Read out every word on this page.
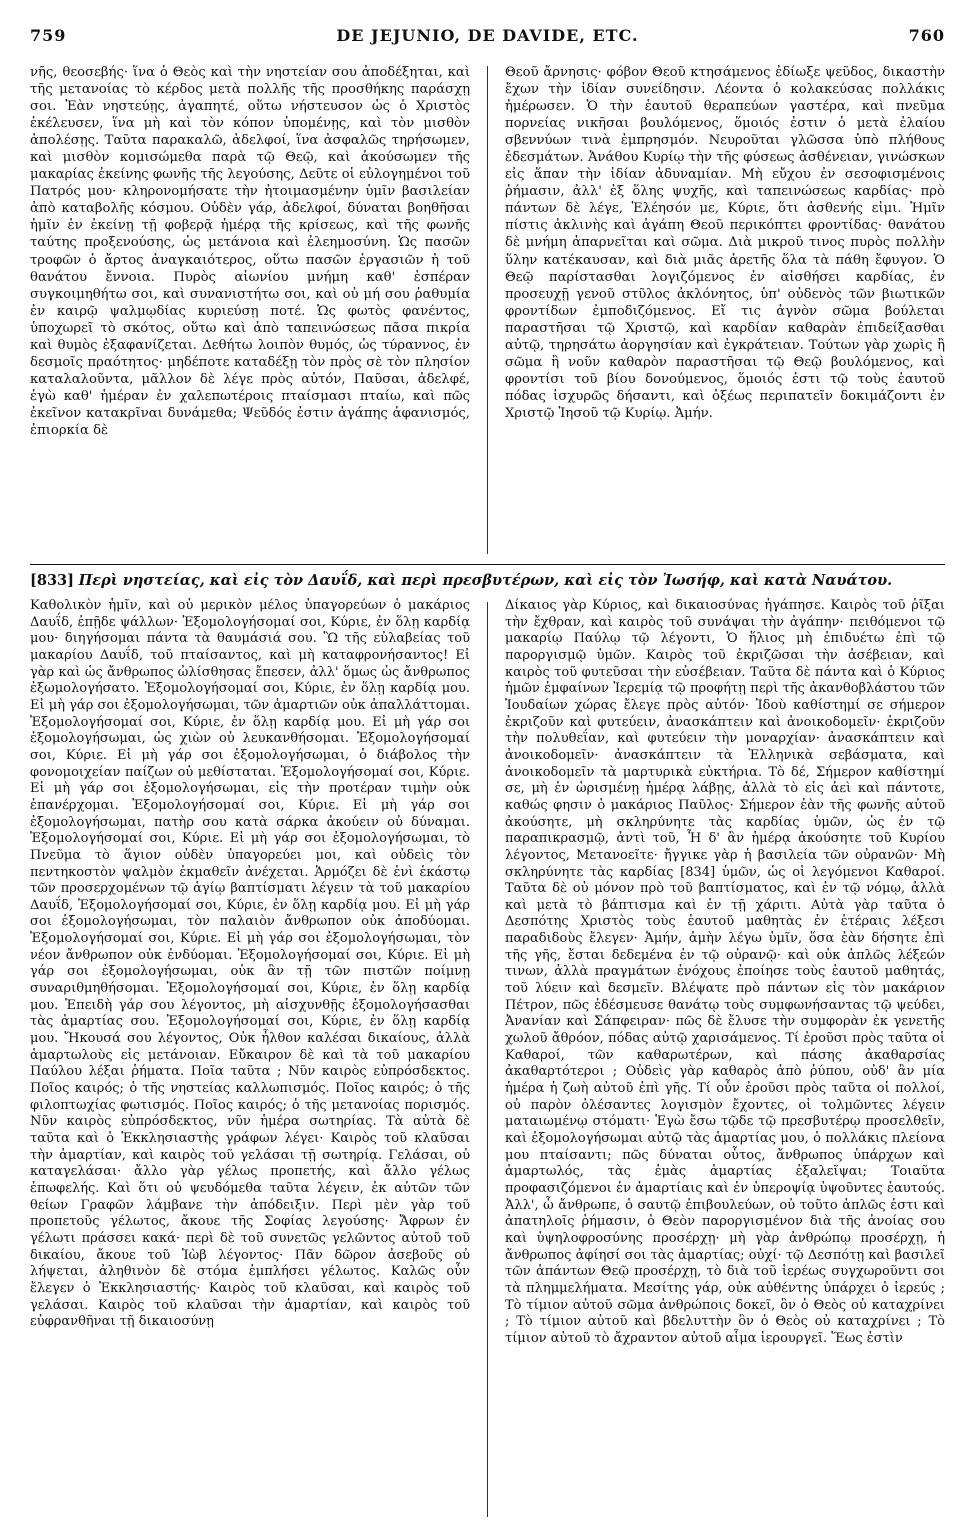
759	DE JEJUNIO, DE DAVIDE, ETC.	760

νῆς, θεοσεβής· ἵνα ὁ Θεὸς καὶ τὴν νηστείαν σου ἀποδέξηται, καὶ τῆς μετανοίας τὸ κέρδος μετὰ πολλῆς τῆς προσθήκης παράσχῃ σοι. Ἐὰν νηστεύῃς, ἀγαπητέ, οὕτω νήστευσον ὡς ὁ Χριστὸς ἐκέλευσεν, ἵνα μὴ καὶ τὸν κόπον ὑπομένῃς, καὶ τὸν μισθὸν ἀπολέσῃς. Ταῦτα παρακαλῶ, ἀδελφοί, ἵνα ἀσφαλῶς τηρήσωμεν, καὶ μισθὸν κομισώμεθα παρὰ τῷ Θεῷ, καὶ ἀκούσωμεν τῆς μακαρίας ἐκείνης φωνῆς τῆς λεγούσης, Δεῦτε οἱ εὐλογημένοι τοῦ Πατρός μου· κληρονομήσατε τὴν ἡτοιμασμένην ὑμῖν βασιλείαν ἀπὸ καταβολῆς κόσμου. Οὐδὲν γάρ, ἀδελφοί, δύναται βοηθῆσαι ἡμῖν ἐν ἐκείνῃ τῇ φοβερᾷ ἡμέρᾳ τῆς κρίσεως, καὶ τῆς φωνῆς ταύτης προξενούσης, ὡς μετάνοια καὶ ἐλεημοσύνη. Ὡς πασῶν τροφῶν ὁ ἄρτος ἀναγκαιότερος, οὕτω πασῶν ἐργασιῶν ἡ τοῦ θανάτου ἔννοια. Πυρὸς αἰωνίου μνήμη καθ' ἑσπέραν συγκοιμηθήτω σοι, καὶ συνανιστήτω σοι, καὶ οὐ μή σου ῥαθυμία ἐν καιρῷ ψαλμῳδίας κυριεύσῃ ποτέ. Ὡς φωτὸς φανέντος, ὑποχωρεῖ τὸ σκότος, οὕτω καὶ ἀπὸ ταπεινώσεως πᾶσα πικρία καὶ θυμὸς ἐξαφανίζεται. Δεθήτω λοιπὸν θυμός, ὡς τύραννος, ἐν δεσμοῖς πραότητος· μηδέποτε καταδέξῃ τὸν πρὸς σὲ τὸν πλησίον καταλαλοῦντα, μᾶλλον δὲ λέγε πρὸς αὐτόν, Παῦσαι, ἀδελφέ, ἐγὼ καθ' ἡμέραν ἐν χαλεπωτέροις πταίσμασι πταίω, καὶ πῶς ἐκεῖνον κατακρῖναι δυνάμεθα; Ψεῦδός ἐστιν ἀγάπης ἀφανισμός, ἐπιορκία δὲ

Θεοῦ ἄρνησις· φόβον Θεοῦ κτησάμενος ἐδίωξε ψεῦδος, δικαστὴν ἔχων τὴν ἰδίαν συνείδησιν. Λέοντα ὁ κολακεύσας πολλάκις ἡμέρωσεν. Ὁ τὴν ἑαυτοῦ θεραπεύων γαστέρα, καὶ πνεῦμα πορνείας νικῆσαι βουλόμενος, ὅμοιός ἐστιν ὁ μετὰ ἐλαίου σβεννύων τινὰ ἐμπρησμόν. Νευροῦται γλῶσσα ὑπὸ πλήθους ἐδεσμάτων. Ἀνάθου Κυρίῳ τὴν τῆς φύσεως ἀσθένειαν, γινώσκων εἰς ἅπαν τὴν ἰδίαν ἀδυναμίαν. Μὴ εὔχου ἐν σεσοφισμένοις ῥήμασιν, ἀλλ' ἐξ ὅλης ψυχῆς, καὶ ταπεινώσεως καρδίας· πρὸ πάντων δὲ λέγε, Ἐλέησόν με, Κύριε, ὅτι ἀσθενής εἰμι. Ἡμῖν πίστις ἀκλινὴς καὶ ἀγάπη Θεοῦ περικόπτει φροντίδας· θανάτου δὲ μνήμη ἀπαρνεῖται καὶ σῶμα. Διὰ μικροῦ τινος πυρὸς πολλὴν ὕλην κατέκαυσαν, καὶ διὰ μιᾶς ἀρετῆς ὅλα τὰ πάθη ἔφυγον. Ὁ Θεῷ παρίστασθαι λογιζόμενος ἐν αἰσθήσει καρδίας, ἐν προσευχῇ γενοῦ στῦλος ἀκλόνητος, ὑπ' οὐδενὸς τῶν βιωτικῶν φροντίδων ἐμποδιζόμενος. Εἴ τις ἁγνὸν σῶμα βούλεται παραστῆσαι τῷ Χριστῷ, καὶ καρδίαν καθαρὰν ἐπιδείξασθαι αὐτῷ, τηρησάτω ἀοργησίαν καὶ ἐγκράτειαν. Τούτων γὰρ χωρὶς ἢ σῶμα ἢ νοῦν καθαρὸν παραστῆσαι τῷ Θεῷ βουλόμενος, καὶ φροντίσι τοῦ βίου δονούμενος, ὅμοιός ἐστι τῷ τοὺς ἑαυτοῦ πόδας ἰσχυρῶς δήσαντι, καὶ ὀξέως περιπατεῖν δοκιμάζοντι ἐν Χριστῷ Ἰησοῦ τῷ Κυρίῳ. Ἀμήν.

[833] Περὶ νηστείας, καὶ εἰς τὸν Δαυΐδ, καὶ περὶ πρεσβυτέρων, καὶ εἰς τὸν Ἰωσήφ, καὶ κατὰ Ναυάτου.

Καθολικὸν ἡμῖν, καὶ οὐ μερικὸν μέλος ὑπαγορεύων ὁ μακάριος Δαυΐδ, ἐπῇδε ψάλλων· Ἐξομολογήσομαί σοι, Κύριε, ἐν ὅλῃ καρδίᾳ μου· διηγήσομαι πάντα τὰ θαυμάσιά σου. Ὢ τῆς εὐλαβείας τοῦ μακαρίου Δαυΐδ, τοῦ πταίσαντος, καὶ μὴ καταφρονήσαντος! Εἰ γὰρ καὶ ὡς ἄνθρωπος ὠλίσθησας ἔπεσεν, ἀλλ' ὅμως ὡς ἄνθρωπος ἐξωμολογήσατο. Ἐξομολογήσομαί σοι, Κύριε, ἐν ὅλῃ καρδίᾳ μου. Εἰ μὴ γάρ σοι ἐξομολογήσωμαι, τῶν ἁμαρτιῶν οὐκ ἀπαλλάττομαι. Ἐξομολογήσομαί σοι, Κύριε, ἐν ὅλῃ καρδίᾳ μου. Εἰ μὴ γάρ σοι ἐξομολογήσωμαι, ὡς χιὼν οὐ λευκανθήσομαι. Ἐξομολογήσομαί σοι, Κύριε. Εἰ μὴ γάρ σοι ἐξομολογήσωμαι, ὁ διάβολος τὴν φονομοιχείαν παίζων οὐ μεθίσταται. Ἐξομολογήσομαί σοι, Κύριε. Εἰ μὴ γάρ σοι ἐξομολογήσωμαι, εἰς τὴν προτέραν τιμὴν οὐκ ἐπανέρχομαι. Ἐξομολογήσομαί σοι, Κύριε. Εἰ μὴ γάρ σοι ἐξομολογήσωμαι, πατὴρ σου κατὰ σάρκα ἀκούειν οὐ δύναμαι. Ἐξομολογήσομαί σοι, Κύριε. Εἰ μὴ γάρ σοι ἐξομολογήσωμαι, τὸ Πνεῦμα τὸ ἅγιον οὐδὲν ὑπαγορεύει μοι, καὶ οὐδεὶς τὸν πεντηκοστὸν ψαλμὸν ἐκμαθεῖν ἀνέχεται. Ἁρμόζει δὲ ἑνὶ ἑκάστῳ τῶν προσερχομένων τῷ ἁγίῳ βαπτίσματι λέγειν τὰ τοῦ μακαρίου Δαυΐδ, Ἐξομολογήσομαί σοι, Κύριε, ἐν ὅλῃ καρδίᾳ μου. Εἰ μὴ γάρ σοι ἐξομολογήσωμαι, τὸν παλαιὸν ἄνθρωπον οὐκ ἀποδύομαι. Ἐξομολογήσομαί σοι, Κύριε. Εἰ μὴ γάρ σοι ἐξομολογήσωμαι, τὸν νέον ἄνθρωπον οὐκ ἐνδύομαι. Ἐξομολογήσομαί σοι, Κύριε. Εἰ μὴ γάρ σοι ἐξομολογήσωμαι, οὐκ ἂν τῇ τῶν πιστῶν ποίμνῃ συναριθμηθήσομαι. Ἐξομολογήσομαί σοι, Κύριε, ἐν ὅλῃ καρδίᾳ μου. Ἐπειδὴ γάρ σου λέγοντος, μὴ αἰσχυνθῇς ἐξομολογήσασθαι τὰς ἁμαρτίας σου. Ἐξομολογήσομαί σοι, Κύριε, ἐν ὅλῃ καρδίᾳ μου. Ἤκουσά σου λέγοντος, Οὐκ ἦλθον καλέσαι δικαίους, ἀλλὰ ἁμαρτωλοὺς εἰς μετάνοιαν. Εὔκαιρον δὲ καὶ τὰ τοῦ μακαρίου Παύλου λέξαι ῥήματα. Ποῖα ταῦτα ; Νῦν καιρὸς εὐπρόσδεκτος. Ποῖος καιρός; ὁ τῆς νηστείας καλλωπισμός. Ποῖος καιρός; ὁ τῆς φιλοπτωχίας φωτισμός. Ποῖος καιρός; ὁ τῆς μετανοίας πορισμός. Νῦν καιρὸς εὐπρόσδεκτος, νῦν ἡμέρα σωτηρίας. Τὰ αὐτὰ δὲ ταῦτα καὶ ὁ Ἐκκλησιαστὴς γράφων λέγει· Καιρὸς τοῦ κλαῦσαι τὴν ἁμαρτίαν, καὶ καιρὸς τοῦ γελάσαι τῇ σωτηρίᾳ. Γελάσαι, οὐ καταγελάσαι· ἄλλο γὰρ γέλως προπετής, καὶ ἄλλο γέλως ἐπωφελής. Καὶ ὅτι οὐ ψευδόμεθα ταῦτα λέγειν, ἐκ αὐτῶν τῶν θείων Γραφῶν λάμβανε τὴν ἀπόδειξιν. Περὶ μὲν γὰρ τοῦ προπετοῦς γέλωτος, ἄκουε τῆς Σοφίας λεγούσης· Ἄφρων ἐν γέλωτι πράσσει κακά· περὶ δὲ τοῦ συνετῶς γελῶντος αὐτοῦ τοῦ δικαίου, ἄκουε τοῦ Ἰὼβ λέγοντος· Πᾶν δῶρον ἀσεβοῦς οὐ λήψεται, ἀληθινὸν δὲ στόμα ἐμπλήσει γέλωτος. Καλῶς οὖν ἔλεγεν ὁ Ἐκκλησιαστής· Καιρὸς τοῦ κλαῦσαι, καὶ καιρὸς τοῦ γελάσαι. Καιρὸς τοῦ κλαῦσαι τὴν ἁμαρτίαν, καὶ καιρὸς τοῦ εὐφρανθῆναι τῇ δικαιοσύνῃ

Δίκαιος γὰρ Κύριος, καὶ δικαιοσύνας ἠγάπησε. Καιρὸς τοῦ ῥῖξαι τὴν ἔχθραν, καὶ καιρὸς τοῦ συνάψαι τὴν ἀγάπην· πειθόμενοι τῷ μακαρίῳ Παύλῳ τῷ λέγοντι, Ὁ ἥλιος μὴ ἐπιδυέτω ἐπὶ τῷ παροργισμῷ ὑμῶν. Καιρὸς τοῦ ἐκριζῶσαι τὴν ἀσέβειαν, καὶ καιρὸς τοῦ φυτεῦσαι τὴν εὐσέβειαν. Ταῦτα δὲ πάντα καὶ ὁ Κύριος ἡμῶν ἐμφαίνων Ἱερεμίᾳ τῷ προφήτῃ περὶ τῆς ἀκανθοβλάστου τῶν Ἰουδαίων χώρας ἔλεγε πρὸς αὐτόν· Ἰδοὺ καθίστημί σε σήμερον ἐκριζοῦν καὶ φυτεύειν, ἀνασκάπτειν καὶ ἀνοικοδομεῖν· ἐκριζοῦν τὴν πολυθεΐαν, καὶ φυτεύειν τὴν μοναρχίαν· ἀνασκάπτειν καὶ ἀνοικοδομεῖν· ἀνασκάπτειν τὰ Ἑλληνικὰ σεβάσματα, καὶ ἀνοικοδομεῖν τὰ μαρτυρικὰ εὐκτήρια. Τὸ δέ, Σήμερον καθίστημί σε, μὴ ἐν ὡρισμένῃ ἡμέρᾳ λάβῃς, ἀλλὰ τὸ εἰς ἀεὶ καὶ πάντοτε, καθώς φησιν ὁ μακάριος Παῦλος· Σήμερον ἐὰν τῆς φωνῆς αὐτοῦ ἀκούσητε, μὴ σκληρύνητε τὰς καρδίας ὑμῶν, ὡς ἐν τῷ παραπικρασμῷ, ἀντὶ τοῦ, Ἧ δ' ἂν ἡμέρᾳ ἀκούσητε τοῦ Κυρίου λέγοντος, Μετανοεῖτε· ἤγγικε γὰρ ἡ βασιλεία τῶν οὐρανῶν· Μὴ σκληρύνητε τὰς καρδίας [834] ὑμῶν, ὡς οἱ λεγόμενοι Καθαροί. Ταῦτα δὲ οὐ μόνον πρὸ τοῦ βαπτίσματος, καὶ ἐν τῷ νόμῳ, ἀλλὰ καὶ μετὰ τὸ βάπτισμα καὶ ἐν τῇ χάριτι. Αὐτὰ γὰρ ταῦτα ὁ Δεσπότης Χριστὸς τοὺς ἑαυτοῦ μαθητὰς ἐν ἑτέραις λέξεσι παραδιδοὺς ἔλεγεν· Ἀμήν, ἀμὴν λέγω ὑμῖν, ὅσα ἐὰν δήσητε ἐπὶ τῆς γῆς, ἔσται δεδεμένα ἐν τῷ οὐρανῷ· καὶ οὐκ ἁπλῶς λέξεών τινων, ἀλλὰ πραγμάτων ἐνόχους ἐποίησε τοὺς ἑαυτοῦ μαθητάς, τοῦ λύειν καὶ δεσμεῖν. Βλέψατε πρὸ πάντων εἰς τὸν μακάριον Πέτρον, πῶς ἐδέσμευσε θανάτῳ τοὺς συμφωνήσαντας τῷ ψεύδει, Ἀνανίαν καὶ Σάπφειραν· πῶς δὲ ἔλυσε τὴν συμφορὰν ἐκ γενετῆς χωλοῦ ἄθρόον, πόδας αὐτῷ χαρισάμενος. Τί ἐροῦσι πρὸς ταῦτα οἱ Καθαροί, τῶν καθαρωτέρων, καὶ πάσης ἀκαθαρσίας ἀκαθαρτότεροι ; Οὐδεὶς γὰρ καθαρὸς ἀπὸ ῥύπου, οὐδ' ἂν μία ἡμέρα ἡ ζωὴ αὐτοῦ ἐπὶ γῆς. Τί οὖν ἐροῦσι πρὸς ταῦτα οἱ πολλοί, οὐ παρὸν ὀλέσαντες λογισμὸν ἔχοντες, οἱ τολμῶντες λέγειν ματαιωμένῳ στόματι· Ἐγὼ ἔσω τῷδε τῷ πρεσβυτέρῳ προσελθεῖν, καὶ ἐξομολογήσωμαι αὐτῷ τὰς ἁμαρτίας μου, ὁ πολλάκις πλείονα μου πταίσαντι; πῶς δύναται οὗτος, ἄνθρωπος ὑπάρχων καὶ ἁμαρτωλός, τὰς ἐμὰς ἁμαρτίας ἐξαλεῖψαι; Τοιαῦτα προφασιζόμενοι ἐν ἁμαρτίαις καὶ ἐν ὑπεροψίᾳ ὑψοῦντες ἑαυτούς. Ἀλλ', ὦ ἄνθρωπε, ὁ σαυτῷ ἐπιβουλεύων, οὐ τοῦτο ἁπλῶς ἐστι καὶ ἀπατηλοῖς ῥήμασιν, ὁ Θεὸν παροργισμένον διὰ τῆς ἀνοίας σου καὶ ὑψηλοφροσύνης προσέρχῃ· μὴ γὰρ ἀνθρώπῳ προσέρχῃ, ἡ ἄνθρωπος ἀφίησί σοι τὰς ἁμαρτίας; οὐχί· τῷ Δεσπότῃ καὶ βασιλεῖ τῶν ἁπάντων Θεῷ προσέρχῃ, τὸ διὰ τοῦ ἱερέως συγχωροῦντι σοι τὰ πλημμελήματα. Μεσίτης γάρ, οὐκ αὐθέντης ὑπάρχει ὁ ἱερεύς ; Τὸ τίμιον αὐτοῦ σῶμα ἀνθρώποις δοκεῖ, ὃν ὁ Θεὸς οὐ καταχρίνει ; Τὸ τίμιον αὐτοῦ καὶ βδελυττὴν ὃν ὁ Θεὸς οὐ καταχρίνει ; Τὸ τίμιον αὐτοῦ τὸ ἄχραντον αὐτοῦ αἷμα ἱερουργεῖ. Ἕως ἐστὶν
